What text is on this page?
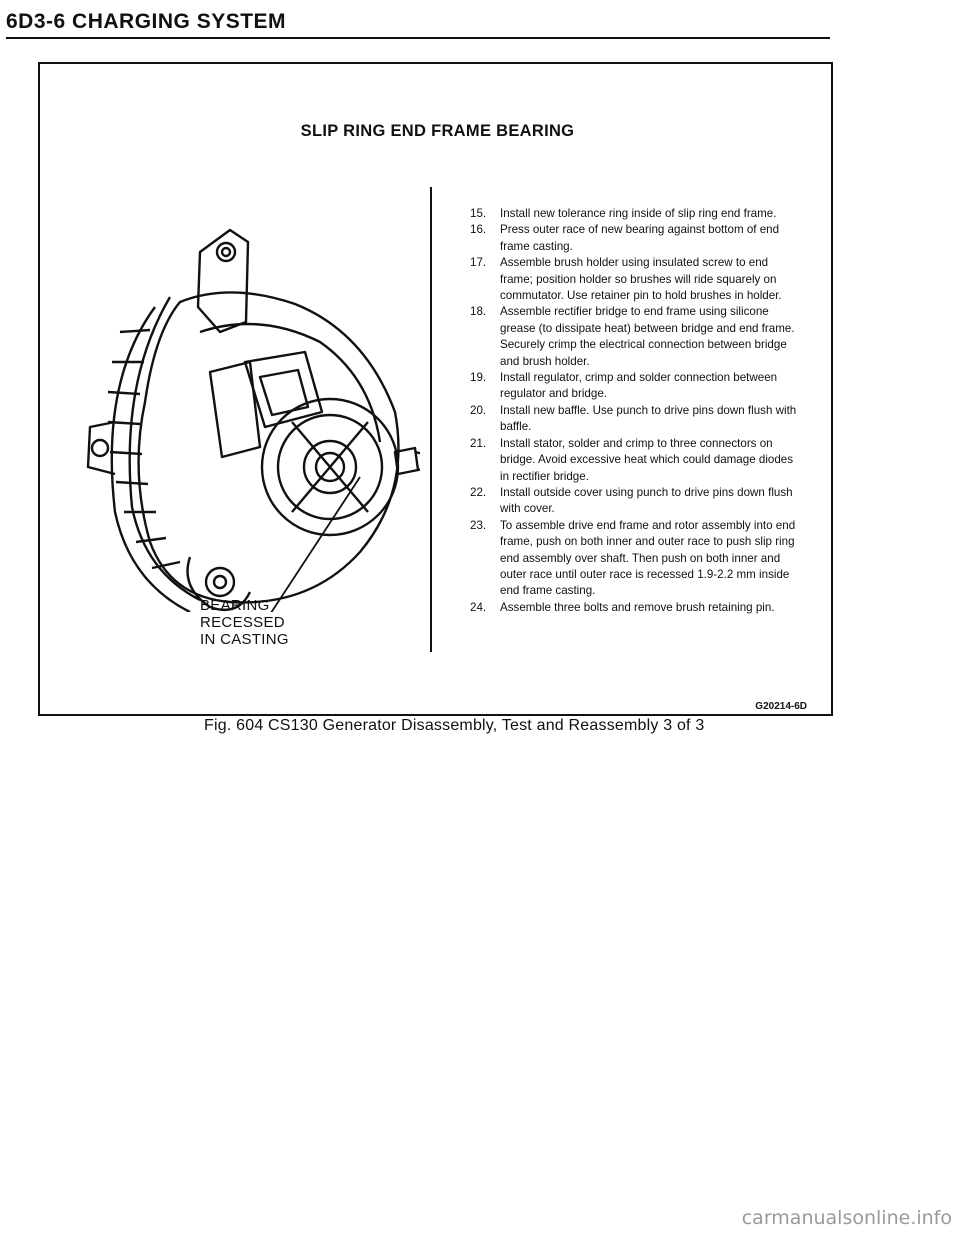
6D3-6 CHARGING SYSTEM
SLIP RING END FRAME BEARING
BEARING
RECESSED
IN CASTING
15. Install new tolerance ring inside of slip ring end frame.
16. Press outer race of new bearing against bottom of end frame casting.
17. Assemble brush holder using insulated screw to end frame; position holder so brushes will ride squarely on commutator. Use retainer pin to hold brushes in holder.
18. Assemble rectifier bridge to end frame using silicone grease (to dissipate heat) between bridge and end frame. Securely crimp the electrical connection between bridge and brush holder.
19. Install regulator, crimp and solder connection between regulator and bridge.
20. Install new baffle. Use punch to drive pins down flush with baffle.
21. Install stator, solder and crimp to three connectors on bridge. Avoid excessive heat which could damage diodes in rectifier bridge.
22. Install outside cover using punch to drive pins down flush with cover.
23. To assemble drive end frame and rotor assembly into end frame, push on both inner and outer race to push slip ring end assembly over shaft. Then push on both inner and outer race until outer race is recessed 1.9-2.2 mm inside end frame casting.
24. Assemble three bolts and remove brush retaining pin.
G20214-6D
Fig. 604 CS130 Generator Disassembly, Test and Reassembly 3 of 3
carmanualsonline.info
